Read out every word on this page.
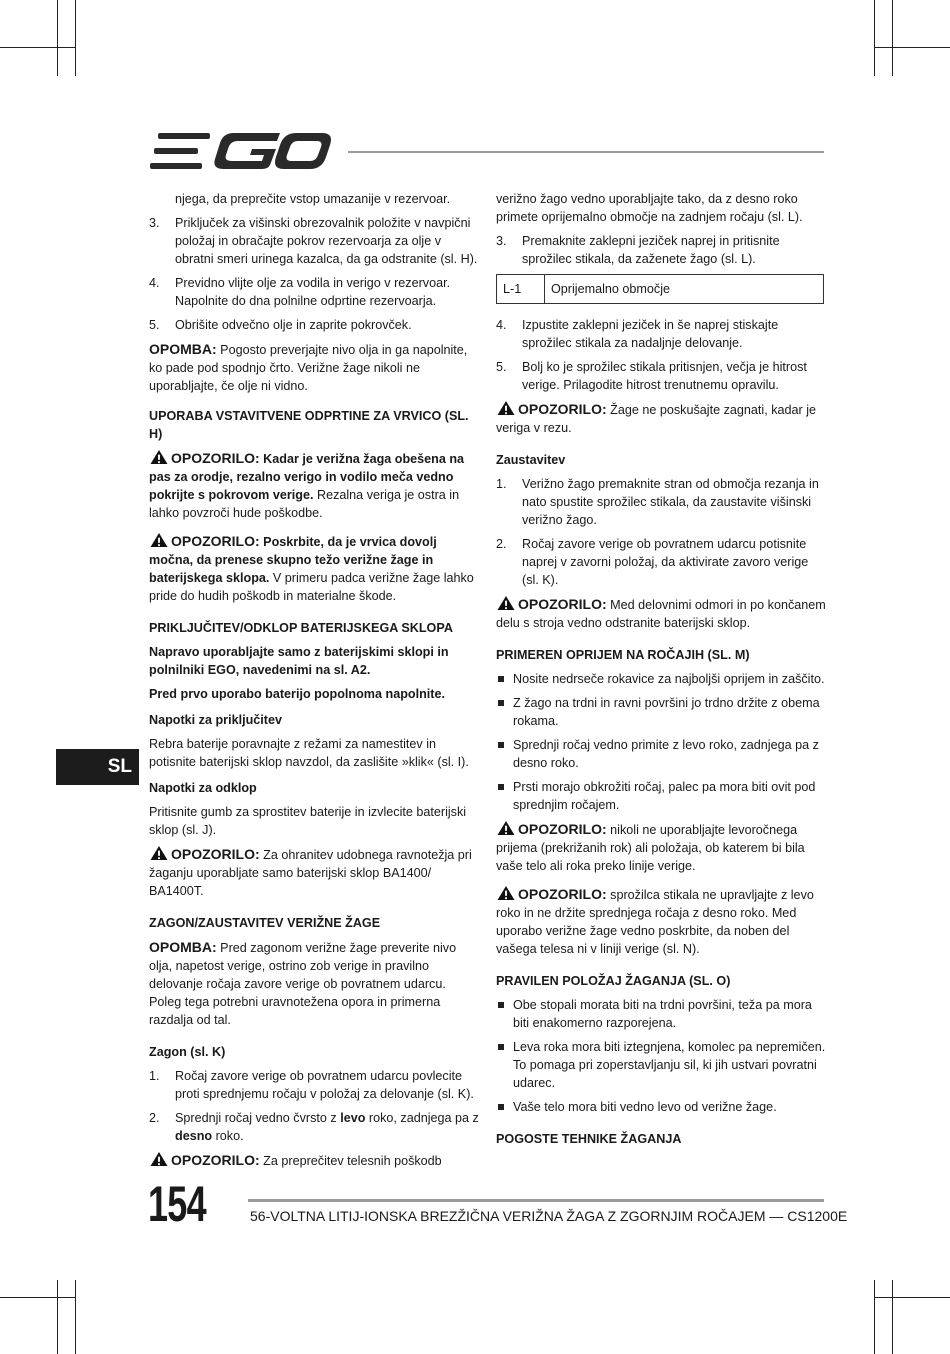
njega, da preprečite vstop umazanije v rezervoar.

3. Priključek za višinski obrezovalnik položite v navpični položaj in obračajte pokrov rezervoarja za olje v obratni smeri urinega kazalca, da ga odstranite (sl. H).
4. Previdno vlijte olje za vodila in verigo v rezervoar. Napolnite do dna polnilne odprtine rezervoarja.
5. Obrišite odvečno olje in zaprite pokrovček.

OPOMBA: Pogosto preverjajte nivo olja in ga napolnite, ko pade pod spodnjo črto. Verižne žage nikoli ne uporabljajte, če olje ni vidno.

UPORABA VSTAVITVENE ODPRTINE ZA VRVICO (SL. H)

OPOZORILO: Kadar je verižna žaga obešena na pas za orodje, rezalno verigo in vodilo meča vedno pokrijte s pokrovom verige. Rezalna veriga je ostra in lahko povzroči hude poškodbe.

OPOZORILO: Poskrbite, da je vrvica dovolj močna, da prenese skupno težo verižne žage in baterijskega sklopa. V primeru padca verižne žage lahko pride do hudih poškodb in materialne škode.

PRIKLJUČITEV/ODKLOP BATERIJSKEGA SKLOPA

Napravo uporabljajte samo z baterijskimi sklopi in polnilniki EGO, navedenimi na sl. A2.

Pred prvo uporabo baterijo popolnoma napolnite.

Napotki za priključitev

Rebra baterije poravnajte z režami za namestitev in potisnite baterijski sklop navzdol, da zaslišite »klik« (sl. I).

Napotki za odklop

Pritisnite gumb za sprostitev baterije in izvlecite baterijski sklop (sl. J).

OPOZORILO: Za ohranitev udobnega ravnotežja pri žaganju uporabljate samo baterijski sklop BA1400/ BA1400T.

ZAGON/ZAUSTAVITEV VERIŽNE ŽAGE

OPOMBA: Pred zagonom verižne žage preverite nivo olja, napetost verige, ostrino zob verige in pravilno delovanje ročaja zavore verige ob povratnem udarcu. Poleg tega potrebni uravnotežena opora in primerna razdalja od tal.

Zagon (sl. K)
1. Ročaj zavore verige ob povratnem udarcu povlecite proti sprednjemu ročaju v položaj za delovanje (sl. K).
2. Sprednji ročaj vedno čvrsto z levo roko, zadnjega pa z desno roko.

OPOZORILO: Za preprečitev telesnih poškodb

verižno žago vedno uporabljajte tako, da z desno roko primete oprijemalno območje na zadnjem ročaju (sl. L).

3. Premaknite zaklepni jeziček naprej in pritisnite sprožilec stikala, da zaženete žago (sl. L).
L-1	Oprijemalno območje
4. Izpustite zaklepni jeziček in še naprej stiskajte sprožilec stikala za nadaljnje delovanje.
5. Bolj ko je sprožilec stikala pritisnjen, večja je hitrost verige. Prilagodite hitrost trenutnemu opravilu.

OPOZORILO: Žage ne poskušajte zagnati, kadar je veriga v rezu.

Zaustavitev
1. Verižno žago premaknite stran od območja rezanja in nato spustite sprožilec stikala, da zaustavite višinski verižno žago.
2. Ročaj zavore verige ob povratnem udarcu potisnite naprej v zavorni položaj, da aktivirate zavoro verige (sl. K).

OPOZORILO: Med delovnimi odmori in po končanem delu s stroja vedno odstranite baterijski sklop.

PRIMEREN OPRIJEM NA ROČAJIH (SL. M)
Nosite nedrseče rokavice za najboljši oprijem in zaščito.
Z žago na trdni in ravni površini jo trdno držite z obema rokama.
Sprednji ročaj vedno primite z levo roko, zadnjega pa z desno roko.
Prsti morajo obkrožiti ročaj, palec pa mora biti ovit pod sprednjim ročajem.

OPOZORILO: nikoli ne uporabljajte levoročnega prijema (prekrižanih rok) ali položaja, ob katerem bi bila vaše telo ali roka preko linije verige.

OPOZORILO: sprožilca stikala ne upravljajte z levo roko in ne držite sprednjega ročaja z desno roko. Med uporabo verižne žage vedno poskrbite, da noben del vašega telesa ni v liniji verige (sl. N).

PRAVILEN POLOŽAJ ŽAGANJA (SL. O)
Obe stopali morata biti na trdni površini, teža pa mora biti enakomerno razporejena.
Leva roka mora biti iztegnjena, komolec pa nepremičen. To pomaga pri zoperstavljanju sil, ki jih ustvari povratni udarec.
Vaše telo mora biti vedno levo od verižne žage.
POGOSTE TEHNIKE ŽAGANJA
SL
154	56-VOLTNA LITIJ-IONSKA BREZŽIČNA VERIŽNA ŽAGA Z ZGORNJIM ROČAJEM — CS1200E
